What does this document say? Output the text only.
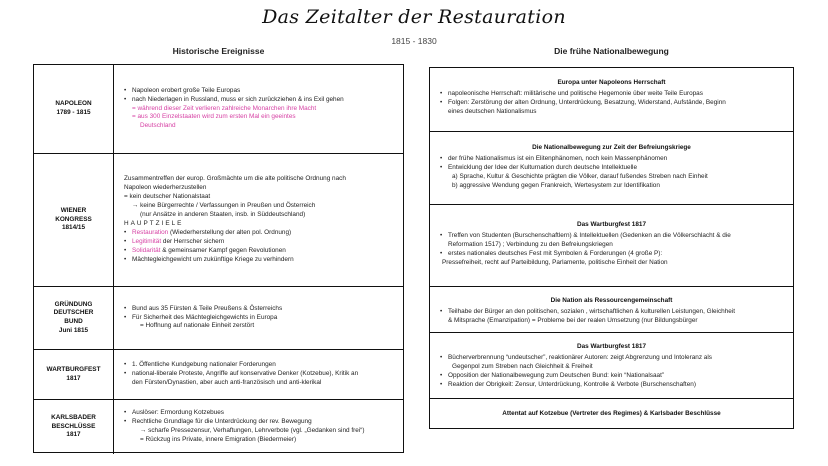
Das Zeitalter der Restauration
1815 - 1830
Historische Ereignisse	Die frühe Nationalbewegung
NAPOLEON
1789 - 1815
• Napoleon erobert große Teile Europas
• nach Niederlagen in Russland, muss er sich zurückziehen & ins Exil gehen
= während dieser Zeit verlieren zahlreiche Monarchen ihre Macht
= aus 300 Einzelstaaten wird zum ersten Mal ein geeintes
Deutschland
WIENER
KONGRESS
1814/15
Zusammentreffen der europ. Großmächte um die alte politische Ordnung nach
Napoleon wiederherzustellen
= kein deutscher Nationalstaat
→ keine Bürgerrechte / Verfassungen in Preußen und Österreich
(nur Ansätze in anderen Staaten, insb. in Süddeutschland)
HAUPTZIELE
• Restauration (Wiederherstellung der alten pol. Ordnung)
• Legitimität der Herrscher sichern
• Solidarität & gemeinsamer Kampf gegen Revolutionen
• Mächtegleichgewicht um zukünftige Kriege zu verhindern
GRÜNDUNG
DEUTSCHER
BUND
Juni 1815
• Bund aus 35 Fürsten & Teile Preußens & Österreichs
• Für Sicherheit des Mächtegleichgewichts in Europa
= Hoffnung auf nationale Einheit zerstört
WARTBURGFEST
1817
• 1. Öffentliche Kundgebung nationaler Forderungen
• national-liberale Proteste, Angriffe auf konservative Denker (Kotzebue), Kritik an
den Fürsten/Dynastien, aber auch anti-französisch und anti-klerikal
KARLSBADER
BESCHLÜSSE
1817
• Auslöser: Ermordung Kotzebues
• Rechtliche Grundlage für die Unterdrückung der rev. Bewegung
→ scharfe Pressezensur, Verhaftungen, Lehrverbote (vgl. „Gedanken sind frei“)
= Rückzug ins Private, innere Emigration (Biedermeier)
Europa unter Napoleons Herrschaft
• napoleonische Herrschaft: militärische und politische Hegemonie über weite Teile Europas
• Folgen: Zerstörung der alten Ordnung, Unterdrückung, Besatzung, Widerstand, Aufstände, Beginn
eines deutschen Nationalismus
Die Nationalbewegung zur Zeit der Befreiungskriege
• der frühe Nationalismus ist ein Elitenphänomen, noch kein Massenphänomen
• Entwicklung der Idee der Kulturnation durch deutsche Intellektuelle
a) Sprache, Kultur & Geschichte prägten die Völker, darauf fußendes Streben nach Einheit
b) aggressive Wendung gegen Frankreich, Wertesystem zur Identifikation
Das Wartburgfest 1817
• Treffen von Studenten (Burschenschaftlern) & Intellektuellen (Gedenken an die Völkerschlacht & die
Reformation 1517) ; Verbindung zu den Befreiungskriegen
• erstes nationales deutsches Fest mit Symbolen & Forderungen (4 große P):
Pressefreiheit, recht auf Parteibildung, Parlamente, politische Einheit der Nation
Die Nation als Ressourcengemeinschaft
• Teilhabe der Bürger an den politischen, sozialen , wirtschaftlichen & kulturellen Leistungen, Gleichheit
& Mitsprache (Emanzipation) = Probleme bei der realen Umsetzung (nur Bildungsbürger
Das Wartburgfest 1817
• Bücherverbrennung “undeutscher”, reaktionärer Autoren: zeigt Abgrenzung und Intoleranz als
Gegenpol zum Streben nach Gleichheit & Freiheit
• Opposition der Nationalbewegung zum Deutschen Bund: kein “Nationalsaat”
• Reaktion der Obrigkeit: Zensur, Unterdrückung, Kontrolle & Verbote (Burschenschaften)
Attentat auf Kotzebue (Vertreter des Regimes) & Karlsbader Beschlüsse
